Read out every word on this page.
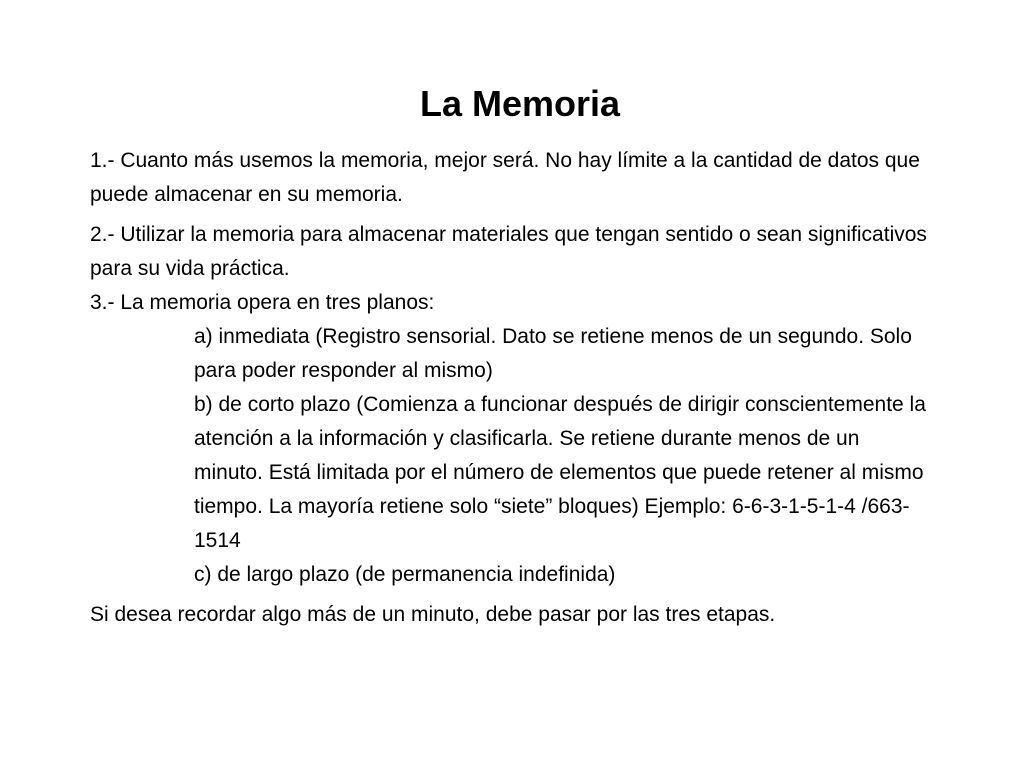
La Memoria

1.- Cuanto más usemos la memoria, mejor será. No hay límite a la cantidad de datos que puede almacenar en su memoria.

2.- Utilizar la memoria para almacenar materiales que tengan sentido o sean significativos para su vida práctica.

3.- La memoria opera en tres planos:

a) inmediata (Registro sensorial. Dato se retiene menos de un segundo. Solo para poder responder al mismo)

b) de corto plazo (Comienza a funcionar después de dirigir conscientemente la atención a la información y clasificarla. Se retiene durante menos de un minuto. Está limitada por el número de elementos que puede retener al mismo tiempo. La mayoría retiene solo “siete” bloques) Ejemplo: 6-6-3-1-5-1-4 /663-1514

c) de largo plazo (de permanencia indefinida)

Si desea recordar algo más de un minuto, debe pasar por las tres etapas.
